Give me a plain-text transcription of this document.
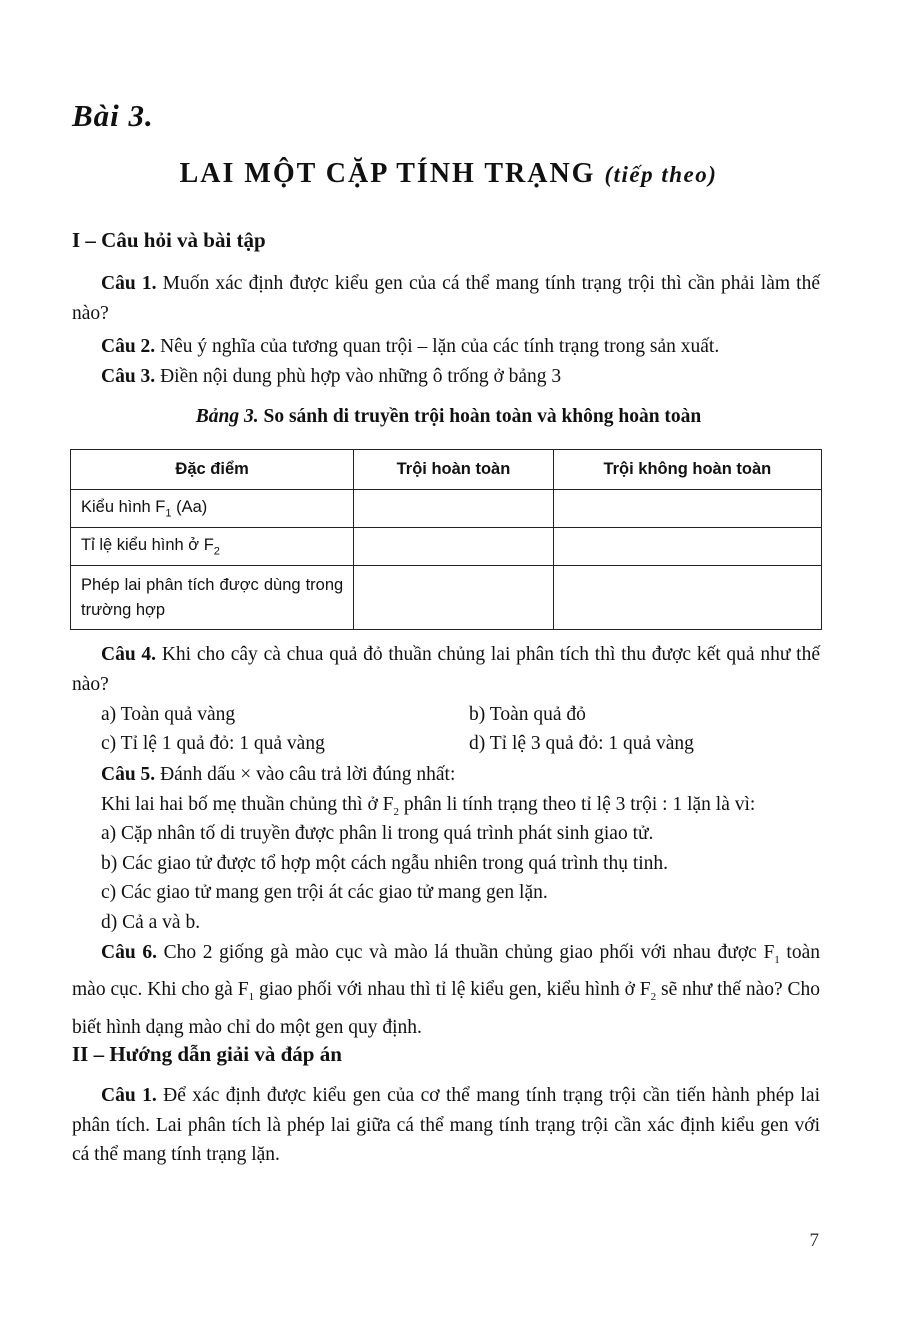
Bài 3.
LAI MỘT CẶP TÍNH TRẠNG (tiếp theo)
I – Câu hỏi và bài tập
Câu 1. Muốn xác định được kiểu gen của cá thể mang tính trạng trội thì cần phải làm thế nào?
Câu 2. Nêu ý nghĩa của tương quan trội – lặn của các tính trạng trong sản xuất.
Câu 3. Điền nội dung phù hợp vào những ô trống ở bảng 3
Bảng 3. So sánh di truyền trội hoàn toàn và không hoàn toàn
Đặc điểm	Trội hoàn toàn	Trội không hoàn toàn
Kiểu hình $F_1$ (Aa)		
Tỉ lệ kiểu hình ở $F_2$		
Phép lai phân tích được dùng trong trường hợp		
Câu 4. Khi cho cây cà chua quả đỏ thuần chủng lai phân tích thì thu được kết quả như thế nào?
a) Toàn quả vàng	b) Toàn quả đỏ
c) Tỉ lệ 1 quả đỏ: 1 quả vàng	d) Tỉ lệ 3 quả đỏ: 1 quả vàng
Câu 5. Đánh dấu × vào câu trả lời đúng nhất:
Khi lai hai bố mẹ thuần chủng thì ở $F_2$ phân li tính trạng theo tỉ lệ 3 trội : 1 lặn là vì:
a) Cặp nhân tố di truyền được phân li trong quá trình phát sinh giao tử.
b) Các giao tử được tổ hợp một cách ngẫu nhiên trong quá trình thụ tinh.
c) Các giao tử mang gen trội át các giao tử mang gen lặn.
d) Cả a và b.
Câu 6. Cho 2 giống gà mào cục và mào lá thuần chủng giao phối với nhau được $F_1$ toàn mào cục. Khi cho gà $F_1$ giao phối với nhau thì tỉ lệ kiểu gen, kiểu hình ở $F_2$ sẽ như thế nào? Cho biết hình dạng mào chỉ do một gen quy định.
II – Hướng dẫn giải và đáp án
Câu 1. Để xác định được kiểu gen của cơ thể mang tính trạng trội cần tiến hành phép lai phân tích. Lai phân tích là phép lai giữa cá thể mang tính trạng trội cần xác định kiểu gen với cá thể mang tính trạng lặn.
7
